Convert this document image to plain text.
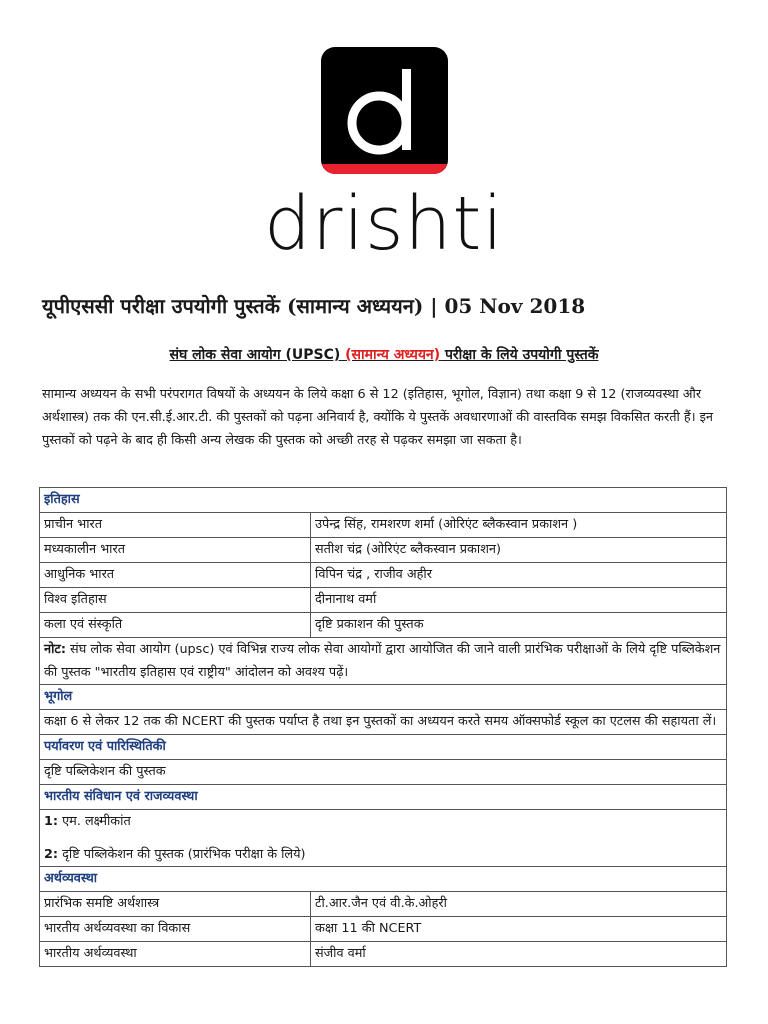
drishti
यूपीएससी परीक्षा उपयोगी पुस्तकें (सामान्य अध्ययन) | 05 Nov 2018
संघ लोक सेवा आयोग (UPSC) (सामान्य अध्ययन) परीक्षा के लिये उपयोगी पुस्तकें
सामान्य अध्ययन के सभी परंपरागत विषयों के अध्ययन के लिये कक्षा 6 से 12 (इतिहास, भूगोल, विज्ञान) तथा कक्षा 9 से 12 (राजव्यवस्था और अर्थशास्त्र) तक की एन.सी.ई.आर.टी. की पुस्तकों को पढ़ना अनिवार्य है, क्योंकि ये पुस्तकें अवधारणाओं की वास्तविक समझ विकसित करती हैं। इन पुस्तकों को पढ़ने के बाद ही किसी अन्य लेखक की पुस्तक को अच्छी तरह से पढ़कर समझा जा सकता है।
इतिहास	
प्राचीन भारत	उपेन्द्र सिंह, रामशरण शर्मा (ओरिएंट ब्लैकस्वान प्रकाशन )
मध्यकालीन भारत	सतीश चंद्र (ओरिएंट ब्लैकस्वान प्रकाशन)
आधुनिक भारत	विपिन चंद्र , राजीव अहीर
विश्व इतिहास	दीनानाथ वर्मा
कला एवं संस्कृति	दृष्टि प्रकाशन की पुस्तक
नोट: संघ लोक सेवा आयोग (upsc) एवं विभिन्न राज्य लोक सेवा आयोगों द्वारा आयोजित की जाने वाली प्रारंभिक परीक्षाओं के लिये दृष्टि पब्लिकेशन की पुस्तक "भारतीय इतिहास एवं राष्ट्रीय" आंदोलन को अवश्य पढ़ें।	
भूगोल	
कक्षा 6 से लेकर 12 तक की NCERT की पुस्तक पर्याप्त है तथा इन पुस्तकों का अध्ययन करते समय ऑक्सफोर्ड स्कूल का एटलस की सहायता लें।	
पर्यावरण एवं पारिस्थितिकी	
दृष्टि पब्लिकेशन की पुस्तक	
भारतीय संविधान एवं राजव्यवस्था	

1: एम. लक्ष्मीकांत
2: दृष्टि पब्लिकेशन की पुस्तक (प्रारंभिक परीक्षा के लिये)	

अर्थव्यवस्था	
प्रारंभिक समष्टि अर्थशास्त्र	टी.आर.जैन एवं वी.के.ओहरी
भारतीय अर्थव्यवस्था का विकास	कक्षा 11 की NCERT
भारतीय अर्थव्यवस्था	संजीव वर्मा
